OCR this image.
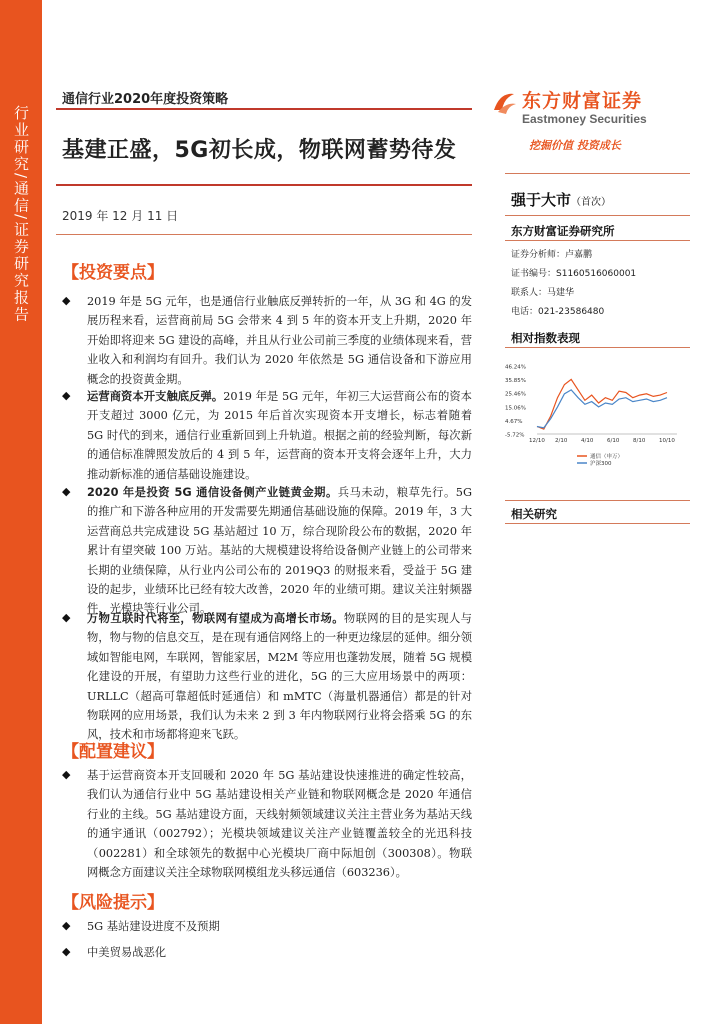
行业研究/通信/证券研究报告
通信行业2020年度投资策略
基建正盛，5G初长成，物联网蓄势待发
2019 年 12 月 11 日
【投资要点】
◆ 2019 年是 5G 元年，也是通信行业触底反弹转折的一年，从 3G 和 4G 的发展历程来看，运营商前局 5G 会带来 4 到 5 年的资本开支上升期，2020 年开始即将迎来 5G 建设的高峰，并且从行业公司前三季度的业绩体现来看，营业收入和利润均有回升。我们认为 2020 年依然是 5G 通信设备和下游应用概念的投资黄金期。
◆ 运营商资本开支触底反弹。2019 年是 5G 元年，年初三大运营商公布的资本开支超过 3000 亿元，为 2015 年后首次实现资本开支增长，标志着随着 5G 时代的到来，通信行业重新回到上升轨道。根据之前的经验判断，每次新的通信标准牌照发放后的 4 到 5 年，运营商的资本开支将会逐年上升，大力推动新标准的通信基础设施建设。
◆ 2020 年是投资 5G 通信设备侧产业链黄金期。兵马未动，粮草先行。5G 的推广和下游各种应用的开发需要先期通信基础设施的保障。2019 年，3 大运营商总共完成建设 5G 基站超过 10 万，综合现阶段公布的数据，2020 年累计有望突破 100 万站。基站的大规模建设将给设备侧产业链上的公司带来长期的业绩保障，从行业内公司公布的 2019Q3 的财报来看，受益于 5G 建设的起步，业绩环比已经有较大改善，2020 年的业绩可期。建议关注射频器件，光模块等行业公司。
◆ 万物互联时代将至，物联网有望成为高增长市场。物联网的目的是实现人与物，物与物的信息交互，是在现有通信网络上的一种更边缘层的延伸。细分领域如智能电网，车联网，智能家居，M2M 等应用也蓬勃发展，随着 5G 规模化建设的开展，有望助力这些行业的进化，5G 的三大应用场景中的两项：URLLC（超高可靠超低时延通信）和 mMTC（海量机器通信）都是的针对物联网的应用场景，我们认为未来 2 到 3 年内物联网行业将会搭乘 5G 的东风，技术和市场都将迎来飞跃。
【配置建议】
◆ 基于运营商资本开支回暖和 2020 年 5G 基站建设快速推进的确定性较高，我们认为通信行业中 5G 基站建设相关产业链和物联网概念是 2020 年通信行业的主线。5G 基站建设方面，天线射频领域建议关注主营业务为基站天线的通宇通讯（002792）；光模块领域建议关注产业链覆盖较全的光迅科技（002281）和全球领先的数据中心光模块厂商中际旭创（300308）。物联网概念方面建议关注全球物联网模组龙头移远通信（603236）。
【风险提示】
◆ 5G 基站建设进度不及预期
◆ 中美贸易战恶化
东方财富证券
Eastmoney Securities
挖掘价值 投资成长
强于大市（首次）
东方财富证券研究所
证券分析师：卢嘉鹏
证书编号：S1160516060001
联系人：马建华
电话：021-23586480
相对指数表现
46.24%
35.85%
25.46%
15.06%
4.67%
-5.72%
12/10 2/10 4/10 6/10 8/10 10/10
通信（申万）
沪深300
相关研究
